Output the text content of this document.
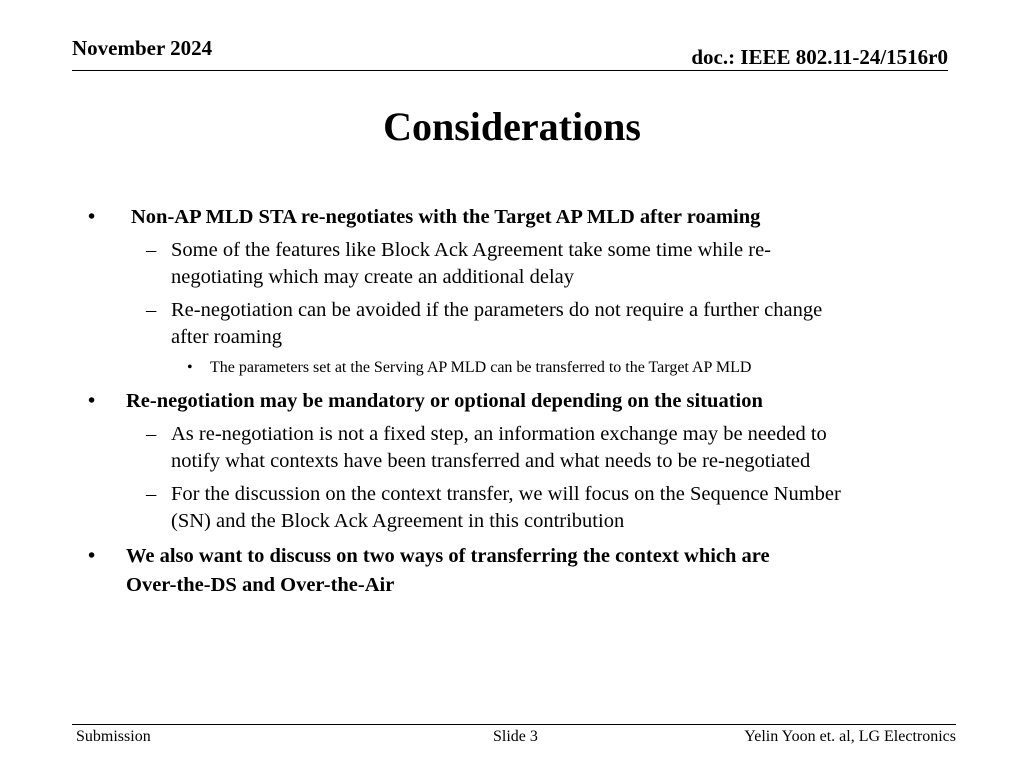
November 2024	doc.: IEEE 802.11-24/1516r0
Considerations
• Non-AP MLD STA re-negotiates with the Target AP MLD after roaming
– Some of the features like Block Ack Agreement take some time while re-
negotiating which may create an additional delay
– Re-negotiation can be avoided if the parameters do not require a further change
after roaming
• The parameters set at the Serving AP MLD can be transferred to the Target AP MLD
• Re-negotiation may be mandatory or optional depending on the situation
– As re-negotiation is not a fixed step, an information exchange may be needed to
notify what contexts have been transferred and what needs to be re-negotiated
– For the discussion on the context transfer, we will focus on the Sequence Number
(SN) and the Block Ack Agreement in this contribution
• We also want to discuss on two ways of transferring the context which are
Over-the-DS and Over-the-Air
Submission	Slide 3	Yelin Yoon et. al, LG Electronics
